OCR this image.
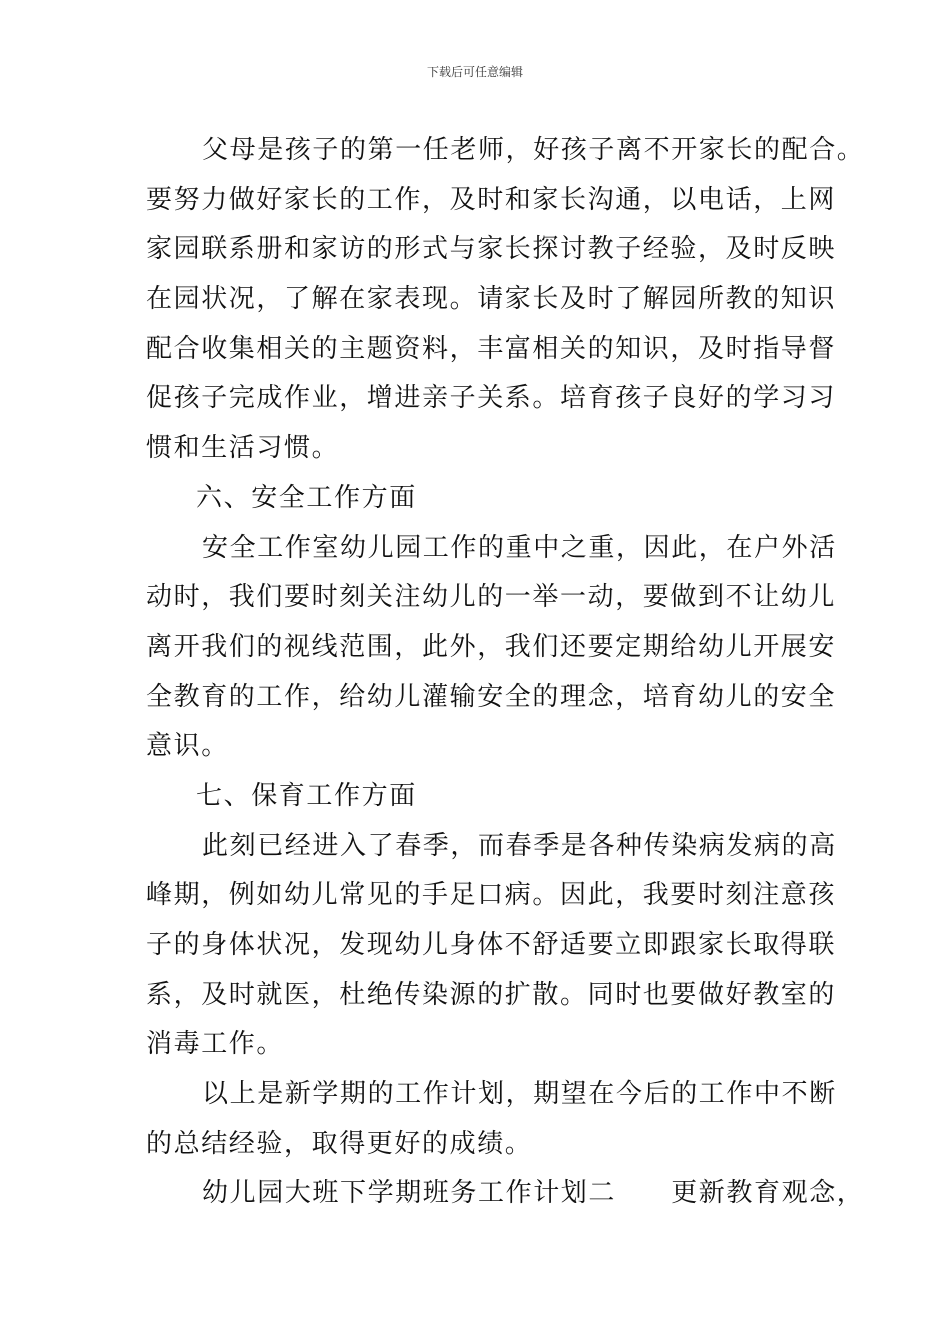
下载后可任意编辑
父母是孩子的第一任老师，好孩子离不开家长的配合。
要努力做好家长的工作，及时和家长沟通，以电话，上网
家园联系册和家访的形式与家长探讨教子经验，及时反映
在园状况，了解在家表现。请家长及时了解园所教的知识
配合收集相关的主题资料，丰富相关的知识，及时指导督
促孩子完成作业，增进亲子关系。培育孩子良好的学习习
惯和生活习惯。
六、安全工作方面
安全工作室幼儿园工作的重中之重，因此，在户外活
动时，我们要时刻关注幼儿的一举一动，要做到不让幼儿
离开我们的视线范围，此外，我们还要定期给幼儿开展安
全教育的工作，给幼儿灌输安全的理念，培育幼儿的安全
意识。
七、保育工作方面
此刻已经进入了春季，而春季是各种传染病发病的高
峰期，例如幼儿常见的手足口病。因此，我要时刻注意孩
子的身体状况，发现幼儿身体不舒适要立即跟家长取得联
系，及时就医，杜绝传染源的扩散。同时也要做好教室的
消毒工作。
以上是新学期的工作计划，期望在今后的工作中不断
的总结经验，取得更好的成绩。
幼儿园大班下学期班务工作计划二　　更新教育观念，
